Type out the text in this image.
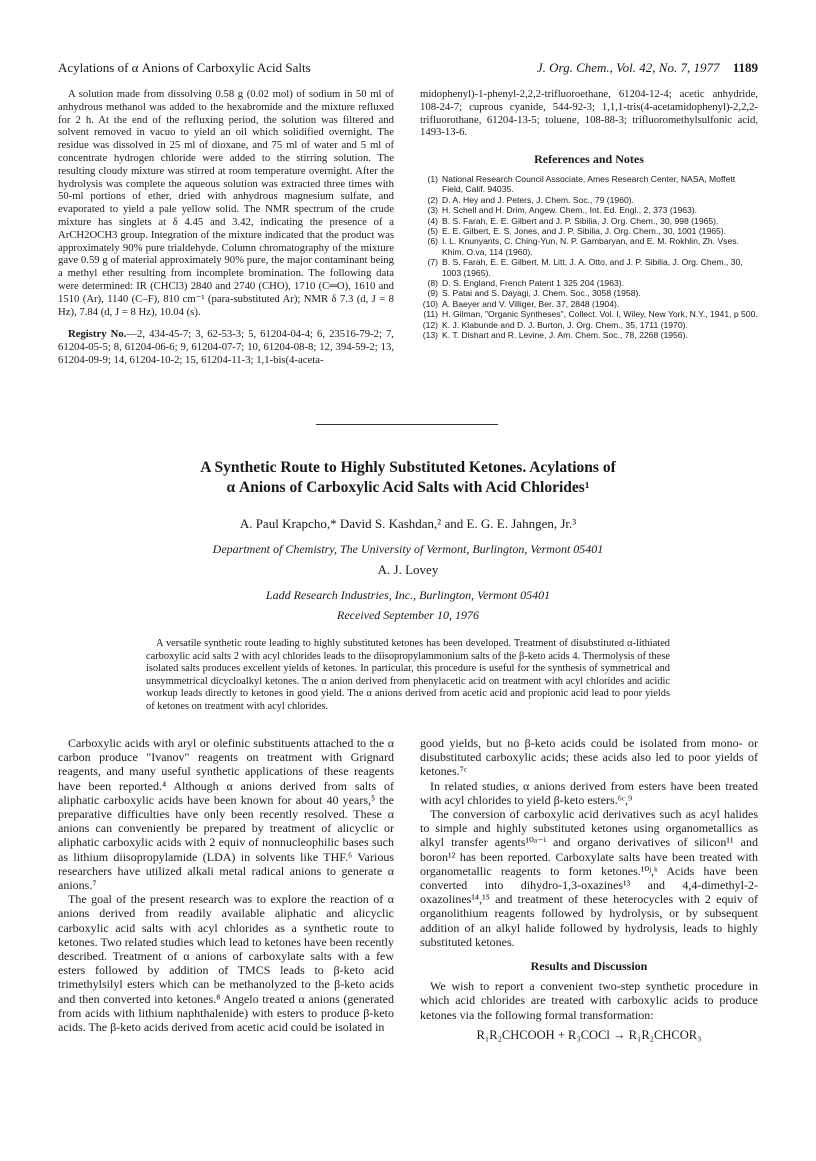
Acylations of α Anions of Carboxylic Acid Salts	J. Org. Chem., Vol. 42, No. 7, 1977 1189

A solution made from dissolving 0.58 g (0.02 mol) of sodium in 50 ml of anhydrous methanol was added to the hexabromide and the mixture refluxed for 2 h. At the end of the refluxing period, the solution was filtered and solvent removed in vacuo to yield an oil which solidified overnight. The residue was dissolved in 25 ml of dioxane, and 75 ml of water and 5 ml of concentrate hydrogen chloride were added to the stirring solution. The resulting cloudy mixture was stirred at room temperature overnight. After the hydrolysis was complete the aqueous solution was extracted three times with 50-ml portions of ether, dried with anhydrous magnesium sulfate, and evaporated to yield a pale yellow solid. The NMR spectrum of the crude mixture has singlets at δ 4.45 and 3.42, indicating the presence of a ArCH2OCH3 group. Integration of the mixture indicated that the product was approximately 90% pure trialdehyde. Column chromatography of the mixture gave 0.59 g of material approximately 90% pure, the major contaminant being a methyl ether resulting from incomplete bromination. The following data were determined: IR (CHCl3) 2840 and 2740 (CHO), 1710 (C═O), 1610 and 1510 (Ar), 1140 (C–F), 810 cm⁻¹ (para-substituted Ar); NMR δ 7.3 (d, J = 8 Hz), 7.84 (d, J = 8 Hz), 10.04 (s).

Registry No.—2, 434-45-7; 3, 62-53-3; 5, 61204-04-4; 6, 23516-79-2; 7, 61204-05-5; 8, 61204-06-6; 9, 61204-07-7; 10, 61204-08-8; 12, 394-59-2; 13, 61204-09-9; 14, 61204-10-2; 15, 61204-11-3; 1,1-bis(4-aceta-

midophenyl)-1-phenyl-2,2,2-trifluoroethane, 61204-12-4; acetic anhydride, 108-24-7; cuprous cyanide, 544-92-3; 1,1,1-tris(4-acetamidophenyl)-2,2,2-trifluorothane, 61204-13-5; toluene, 108-88-3; trifluoromethylsulfonic acid, 1493-13-6.

References and Notes
(1) National Research Council Associate, Ames Research Center, NASA, Moffett Field, Calif. 94035.
(2) D. A. Hey and J. Peters, J. Chem. Soc., 79 (1960).
(3) H. Schell and H. Drim, Angew. Chem., Int. Ed. Engl., 2, 373 (1963).
(4) B. S. Farah, E. E. Gilbert and J. P. Sibilia, J. Org. Chem., 30, 998 (1965).
(5) E. E. Gilbert, E. S. Jones, and J. P. Sibilia, J. Org. Chem., 30, 1001 (1965).
(6) I. L. Knunyants, C. Ching-Yun, N. P. Gambaryan, and E. M. Rokhlin, Zh. Vses. Khim. O.va, 114 (1960).
(7) B. S. Farah, E. E. Gilbert, M. Litt, J. A. Otto, and J. P. Sibilia, J. Org. Chem., 30, 1003 (1965).
(8) D. S. England, French Patent 1 325 204 (1963).
(9) S. Patai and S. Dayagi, J. Chem. Soc., 3058 (1958).
(10) A. Baeyer and V. Villiger, Ber. 37, 2848 (1904).
(11) H. Gilman, "Organic Syntheses", Collect. Vol. I, Wiley, New York, N.Y., 1941, p 500.
(12) K. J. Klabunde and D. J. Burton, J. Org. Chem., 35, 1711 (1970).
(13) K. T. Dishart and R. Levine, J. Am. Chem. Soc., 78, 2268 (1956).
A Synthetic Route to Highly Substituted Ketones. Acylations of
α Anions of Carboxylic Acid Salts with Acid Chlorides¹
A. Paul Krapcho,* David S. Kashdan,² and E. G. E. Jahngen, Jr.³
Department of Chemistry, The University of Vermont, Burlington, Vermont 05401
A. J. Lovey
Ladd Research Industries, Inc., Burlington, Vermont 05401
Received September 10, 1976
A versatile synthetic route leading to highly substituted ketones has been developed. Treatment of disubstituted α-lithiated carboxylic acid salts 2 with acyl chlorides leads to the diisopropylammonium salts of the β-keto acids 4. Thermolysis of these isolated salts produces excellent yields of ketones. In particular, this procedure is useful for the synthesis of symmetrical and unsymmetrical dicycloalkyl ketones. The α anion derived from phenylacetic acid on treatment with acyl chlorides and acidic workup leads directly to ketones in good yield. The α anions derived from acetic acid and propionic acid lead to poor yields of ketones on treatment with acyl chlorides.

Carboxylic acids with aryl or olefinic substituents attached to the α carbon produce "Ivanov" reagents on treatment with Grignard reagents, and many useful synthetic applications of these reagents have been reported.⁴ Although α anions derived from salts of aliphatic carboxylic acids have been known for about 40 years,⁵ the preparative difficulties have only been recently resolved. These α anions can conveniently be prepared by treatment of alicyclic or aliphatic carboxylic acids with 2 equiv of nonnucleophilic bases such as lithium diisopropylamide (LDA) in solvents like THF.⁶ Various researchers have utilized alkali metal radical anions to generate α anions.⁷

The goal of the present research was to explore the reaction of α anions derived from readily available aliphatic and alicyclic carboxylic acid salts with acyl chlorides as a synthetic route to ketones. Two related studies which lead to ketones have been recently described. Treatment of α anions of carboxylate salts with a few esters followed by addition of TMCS leads to β-keto acid trimethylsilyl esters which can be methanolyzed to the β-keto acids and then converted into ketones.⁸ Angelo treated α anions (generated from acids with lithium naphthalenide) with esters to produce β-keto acids. The β-keto acids derived from acetic acid could be isolated in

good yields, but no β-keto acids could be isolated from mono- or disubstituted carboxylic acids; these acids also led to poor yields of ketones.⁷ᶜ

In related studies, α anions derived from esters have been treated with acyl chlorides to yield β-keto esters.⁶ᶜ,⁹

The conversion of carboxylic acid derivatives such as acyl halides to simple and highly substituted ketones using organometallics as alkyl transfer agents¹⁰ᵃ⁻ⁱ and organo derivatives of silicon¹¹ and boron¹² has been reported. Carboxylate salts have been treated with organometallic reagents to form ketones.¹⁰ʲ,ᵏ Acids have been converted into dihydro-1,3-oxazines¹³ and 4,4-dimethyl-2-oxazolines¹⁴,¹⁵ and treatment of these heterocycles with 2 equiv of organolithium reagents followed by hydrolysis, or by subsequent addition of an alkyl halide followed by hydrolysis, leads to highly substituted ketones.

Results and Discussion

We wish to report a convenient two-step synthetic procedure in which acid chlorides are treated with carboxylic acids to produce ketones via the following formal transformation:

R₁R₂CHCOOH + R₃COCl → R₁R₂CHCOR₃
